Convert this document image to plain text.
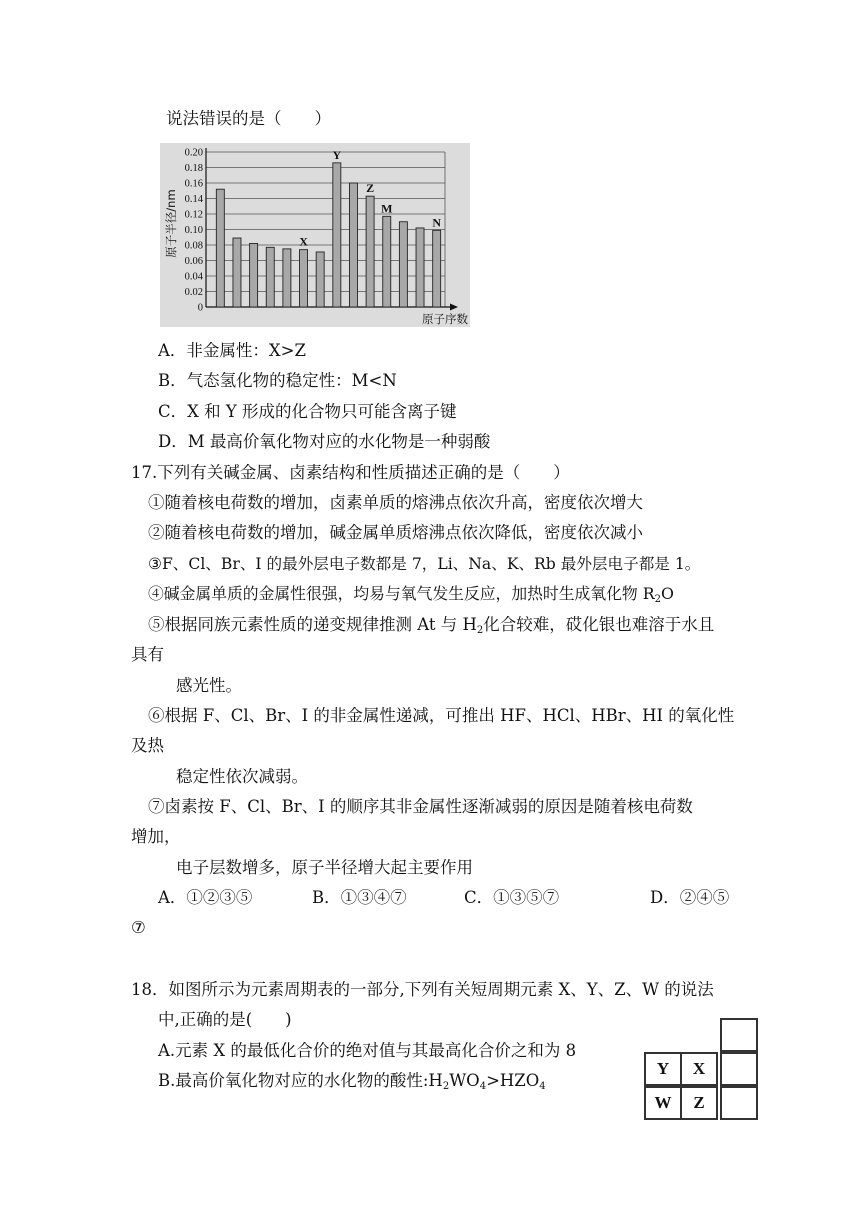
说法错误的是（　　）
0.20
0.18
0.16
0.14
0.12
0.10
0.08
0.06
0.04
0.02
0
X
Y
Z
M
N
原子半径/nm
原子序数
A．非金属性：X>Z
B．气态氢化物的稳定性：M<N
C．X 和 Y 形成的化合物只可能含离子键
D．M 最高价氧化物对应的水化物是一种弱酸
17.下列有关碱金属、卤素结构和性质描述正确的是（　　）
①随着核电荷数的增加，卤素单质的熔沸点依次升高，密度依次增大
②随着核电荷数的增加，碱金属单质熔沸点依次降低，密度依次减小
③F、Cl、Br、I 的最外层电子数都是 7，Li、Na、K、Rb 最外层电子都是 1。
④碱金属单质的金属性很强，均易与氧气发生反应，加热时生成氧化物 $R_2O$
⑤根据同族元素性质的递变规律推测 At 与 $H_2$化合较难，砹化银也难溶于水且
具有
感光性。
⑥根据 F、Cl、Br、I 的非金属性递减，可推出 HF、HCl、HBr、HI 的氧化性
及热
稳定性依次减弱。
⑦卤素按 F、Cl、Br、I 的顺序其非金属性逐渐减弱的原因是随着核电荷数
增加，
电子层数增多，原子半径增大起主要作用
A．①②③⑤	B．①③④⑦	C．①③⑤⑦	D．②④⑤
⑦
18．如图所示为元素周期表的一部分,下列有关短周期元素 X、Y、Z、W 的说法
中,正确的是(　　)
A.元素 X 的最低化合价的绝对值与其最高化合价之和为 8
B.最高价氧化物对应的水化物的酸性$:H_2WO_4>HZO_4$
Y	X
W	Z
